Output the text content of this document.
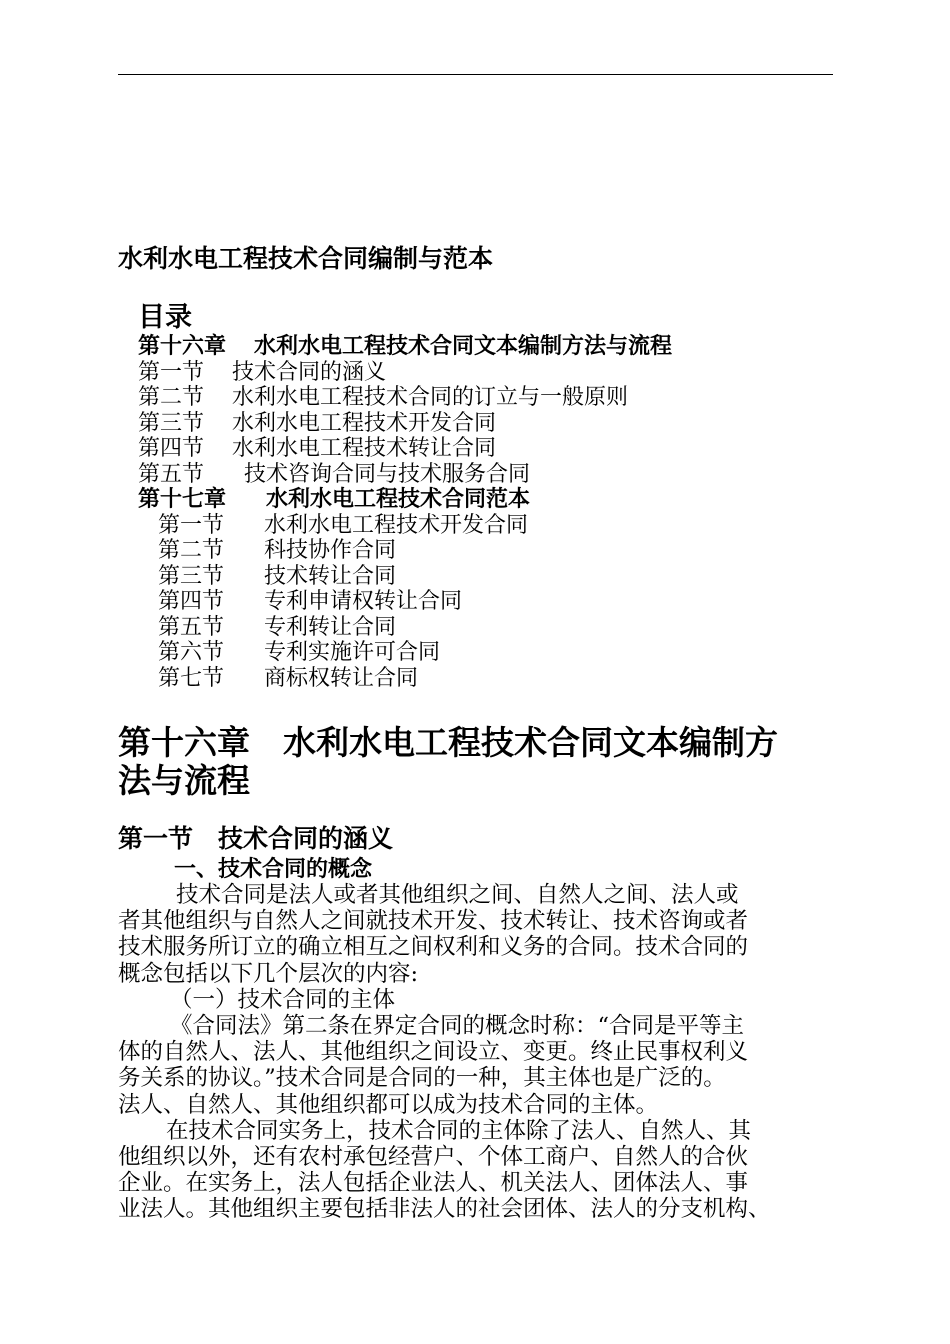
水利水电工程技术合同编制与范本
目录
第十六章 水利水电工程技术合同文本编制方法与流程
第一节 技术合同的涵义
第二节 水利水电工程技术合同的订立与一般原则
第三节 水利水电工程技术开发合同
第四节 水利水电工程技术转让合同
第五节 技术咨询合同与技术服务合同
第十七章 水利水电工程技术合同范本
第一节 水利水电工程技术开发合同
第二节 科技协作合同
第三节 技术转让合同
第四节 专利申请权转让合同
第五节 专利转让合同
第六节 专利实施许可合同
第七节 商标权转让合同
第十六章　水利水电工程技术合同文本编制方
法与流程
第一节　技术合同的涵义
一、技术合同的概念
技术合同是法人或者其他组织之间、自然人之间、法人或
者其他组织与自然人之间就技术开发、技术转让、技术咨询或者
技术服务所订立的确立相互之间权利和义务的合同。技术合同的
概念包括以下几个层次的内容:
（一）技术合同的主体
《合同法》第二条在界定合同的概念时称：“合同是平等主
体的自然人、法人、其他组织之间设立、变更。终止民事权利义
务关系的协议。”技术合同是合同的一种，其主体也是广泛的。
法人、自然人、其他组织都可以成为技术合同的主体。
在技术合同实务上，技术合同的主体除了法人、自然人、其
他组织以外，还有农村承包经营户、个体工商户、自然人的合伙
企业。在实务上，法人包括企业法人、机关法人、团体法人、事
业法人。其他组织主要包括非法人的社会团体、法人的分支机构、
